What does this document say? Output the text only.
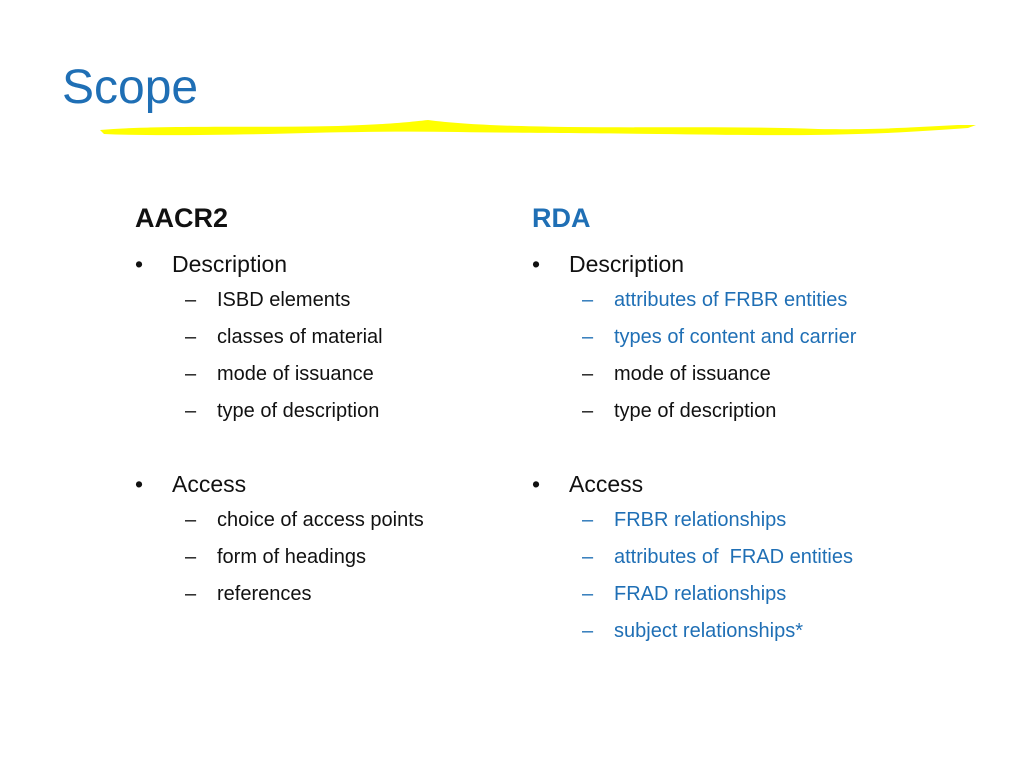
Scope
AACR2
• Description
– ISBD elements
– classes of material
– mode of issuance
– type of description
• Access
– choice of access points
– form of headings
– references
RDA
• Description
– attributes of FRBR entities
– types of content and carrier
– mode of issuance
– type of description
• Access
– FRBR relationships
– attributes of  FRAD entities
– FRAD relationships
– subject relationships*
